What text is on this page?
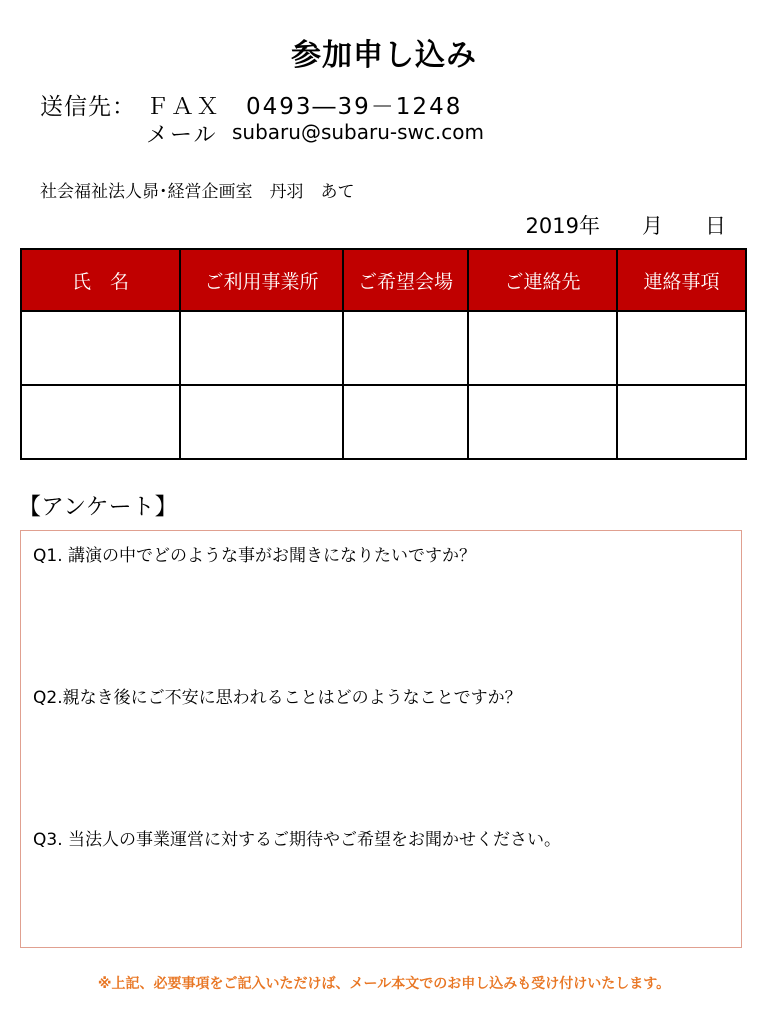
参加申し込み
送信先： ＦＡＸ　0493―39－1248
メール subaru@subaru-swc.com
社会福祉法人昴･経営企画室　丹羽　あて
2019年　　月　　日
氏　名	ご利用事業所	ご希望会場	ご連絡先	連絡事項

【アンケート】
Q1. 講演の中でどのような事がお聞きになりたいですか？
Q2.親なき後にご不安に思われることはどのようなことですか？
Q3. 当法人の事業運営に対するご期待やご希望をお聞かせください。
※上記、必要事項をご記入いただけば、メール本文でのお申し込みも受け付けいたします。
